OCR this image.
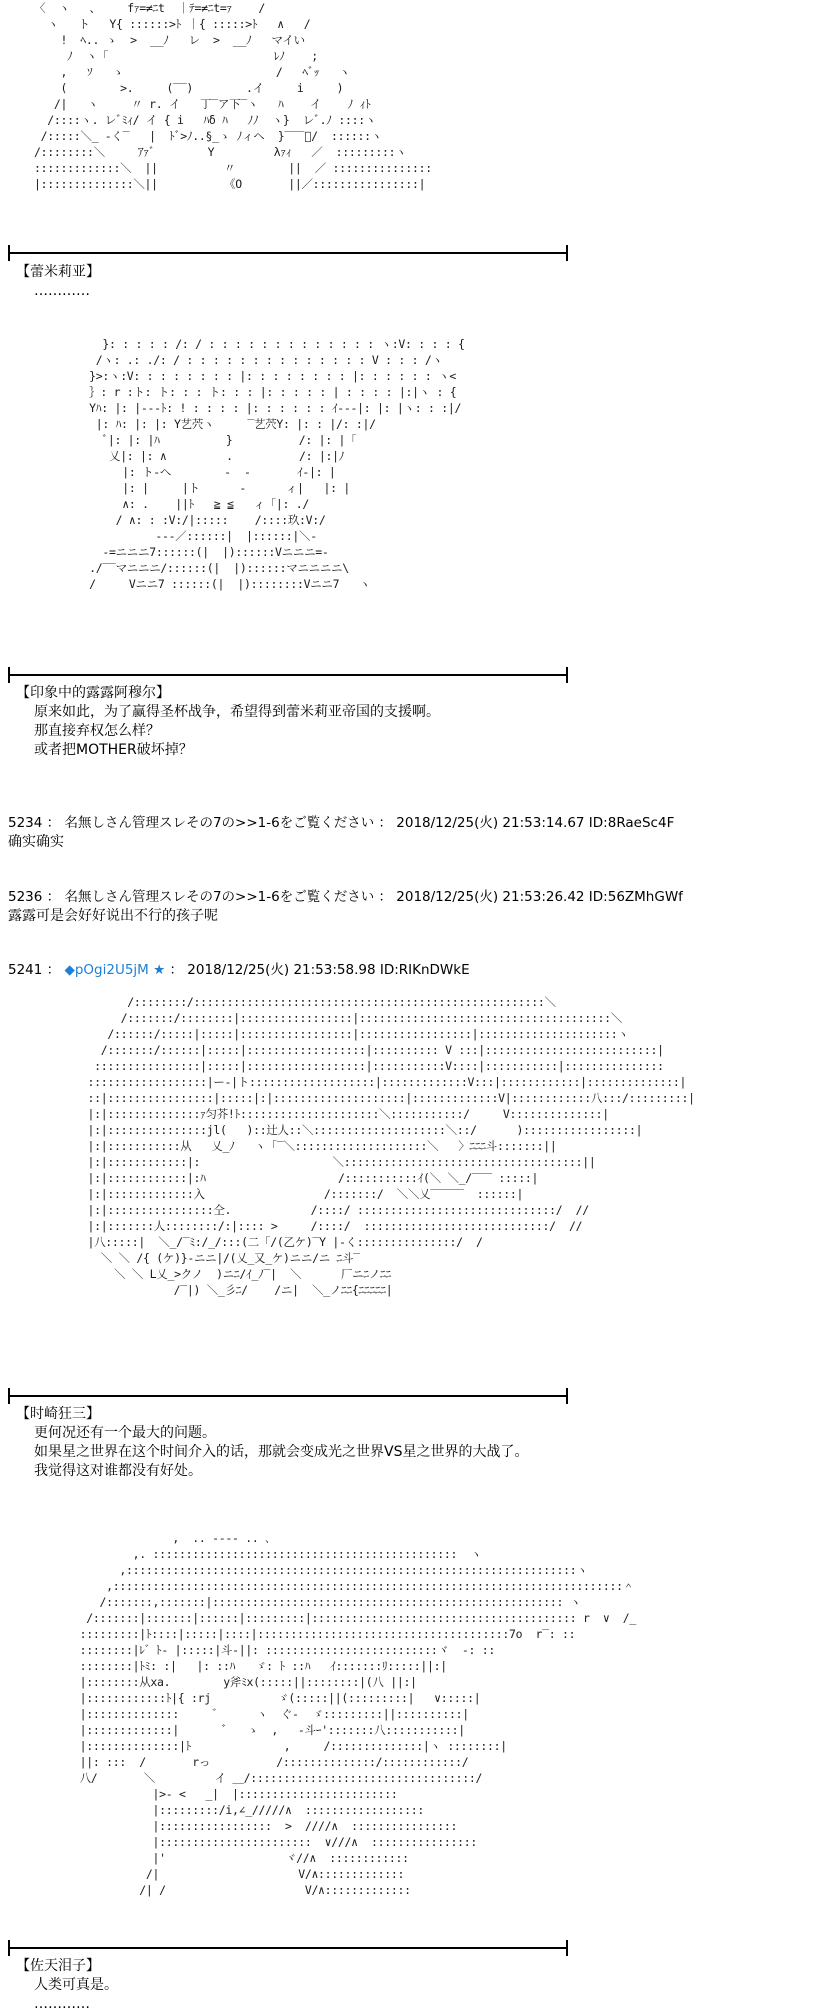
〈  ヽ   、    fｧ=≠ﾆt  ｜ﾃ=≠ﾆt=ｧ    /
ヽ   ト   Y{ ::::::>ﾄ ｜{ :::::>ﾄ   ∧   /
!  ﾍ.. ゝ  >  __ﾉ   レ  >  __ﾉ   マイい
ﾉ  ヽ「                         ﾚﾉ    ;
,   ｿ   ゝ                       /   ﾍﾞｯ   ヽ
(        >.     (‾‾)        .イ     i     )
/|   ヽ     〃 r. イ   丁‾ア下‾ヽ   ﾊ    イ    ﾉ ｨﾄ
/::::ヽ. レﾞﾐｨ/ イ { i   ﾊδ ﾊ   ﾉﾉ  ヽ}  レﾞ.ﾉ ::::ヽ
/:::::＼_ ‐く‾   |  ﾄﾞ>ﾉ..§_ゝ ﾉィヘ  }‾‾‾ﾞ/  ::::::ヽ
/::::::::＼     ｱｧﾞ        Y         λｧｨ   ／  :::::::::ヽ
:::::::::::::＼  ||          〃        ||  ／ :::::::::::::::
|::::::::::::::＼||          《O       ||／::::::::::::::::|
【蕾米莉亚】
…………
}: : : : : /: / : : : : : : : : : : : : : ヽ:V: : : : {
/ヽ: .: ./: / : : : : : : : : : : : : : : V : : : /ヽ
}>:ヽ:V: : : : : : : : |: : : : : : : : |: : : : : : ヽ<
｝: r :ト: ト: : : ト: : : |: : : : : | : : : : |:|ヽ : {
Yﾊ: |: |‐‐‐ﾄ: ! : : : : |: : : : : : ｲ‐‐‐|: |: |ヽ: : :|/
|: ﾊ: |: |: Y艺茓ヽ     ‾艺茓Y: |: : |/: :|/
ﾞ|: |: |ﾊ          }          /: |: |「
乂|: |: ∧         .          /: |:|ﾉ
|: ト‐へ        -  -       ｲ‐|: |
|: |     |ト      -      ィ|   |: |
∧: .    ||ﾄ   ≧ ≦   ィ「|: ./
/ ∧: : :V:/|:::::    /::::玖:V:/
‐‐‐／::::::|  |::::::|＼‐
-=ニニニ7::::::(|  |)::::::Vニニニ=-
./‾‾マニニニ/::::::(|  |)::::::マニニニニ\
/     Vニニ7 ::::::(|  |)::::::::Vニニ7   ヽ
【印象中的露露阿穆尔】
原来如此，为了赢得圣杯战争，希望得到蕾米莉亚帝国的支援啊。
那直接弃权怎么样？
或者把MOTHER破坏掉？
5234 ： 名無しさん管理スレその7の>>1-6をご覧ください ： 2018/12/25(火) 21:53:14.67 ID:8RaeSc4F
确实确实
5236 ： 名無しさん管理スレその7の>>1-6をご覧ください ： 2018/12/25(火) 21:53:26.42 ID:56ZMhGWf
露露可是会好好说出不行的孩子呢
5241 ： ◆pOgi2U5jM ★ ： 2018/12/25(火) 21:53:58.98 ID:RIKnDWkE
/::::::::/:::::::::::::::::::::::::::::::::::::::::::::::::::::＼
/:::::::/::::::::|:::::::::::::::::|::::::::::::::::::::::::::::::::::::::＼
/::::::/:::::|:::::|:::::::::::::::::|:::::::::::::::::|:::::::::::::::::::::ヽ
/:::::::/::::::|:::::|::::::::::::::::::|:::::::::: V :::|::::::::::::::::::::::::::|
::::::::::::::::|:::::|::::::::::::::::::|:::::::::::V::::|:::::::::::|:::::::::::::::
::::::::::::::::::|ー‐|ト:::::::::::::::::::|:::::::::::::V:::|::::::::::::|::::::::::::::|
::|::::::::::::::::|:::::|:|::::::::::::::::::::|:::::::::::::V|::::::::::::八:::/:::::::::|
|:|::::::::::::::ｧ匀芥!ﾄ:::::::::::::::::::::＼:::::::::::/     V::::::::::::::|
|:|:::::::::::::::jl(   )::辻人::＼::::::::::::::::::::＼::/      ):::::::::::::::::|
|:|:::::::::::从   乂_ﾉ   ヽ「‾＼::::::::::::::::::::＼   〉ﾆﾆﾆ斗:::::::||
|:|::::::::::::|:                    ＼::::::::::::::::::::::::::::::::::::||
|:|::::::::::::|:ﾊ                    /:::::::::::ｲ(＼ ＼_/‾‾‾ :::::|
|:|:::::::::::::入                  /:::::::/  ＼＼乂‾‾‾‾‾  ::::::|
|:|::::::::::::::::仝.            /::::/ ::::::::::::::::::::::::::::::/  //
|:|:::::::人::::::::/:|:::: >     /::::/  ::::::::::::::::::::::::::::/  //
|八:::::|  ＼_/‾ﾐ:/_/:::(二「/(乙ケ)‾Y |‐く:::::::::::::::/  /
＼ ＼ /{ (ケ)}‐ニニ|/(乂_又_ケ)ニニ/ニ ﾆ斗‾
＼ ＼ L乂_>クノ  )ニﾆ/ｲ_ﾉ‾|  ＼      厂ニﾆノﾆﾆ
/‾|) ＼_彡ﾆ/    /ニ|  ＼_ノﾆﾆ{ﾆﾆﾆﾆﾆ|
【时崎狂三】
更何况还有一个最大的问题。
如果星之世界在这个时间介入的话，那就会变成光之世界VS星之世界的大战了。
我觉得这对谁都没有好处。
,  .. ‐‐‐‐ .. ､
,. ::::::::::::::::::::::::::::::::::::::::::::::  ヽ
,::::::::::::::::::::::::::::::::::::::::::::::::::::::::::::::::::::ヽ
,:::::::::::::::::::::::::::::::::::::::::::::::::::::::::::::::::::::::::::::＾
/:::::::,:::::::|::::::::::::::::::::::::::::::::::::::::::::::::::::: ヽ
/:::::::|:::::::|::::::|:::::::::|:::::::::::::::::::::::::::::::::::::::: r  ∨  /_
:::::::::|ﾄ::::|:::::|::::|::::::::::::::::::::::::::::::::::::::7o  r‾: ::
::::::::|ﾚ゛ﾄ‐ |:::::|斗‐||: ::::::::::::::::::::::::::ヾ  ‐: ::
::::::::|ﾄﾐ: :|   |: ::ﾊ   ゞ: ﾄ ::ﾊ   ｲ:::::::ﾘ:::::||:|
|::::::::从xa.        y斧ﾐx(:::::||::::::::|(八 ||:|
|::::::::::::ﾄ|{ :rj          ゞ(:::::||(:::::::::|   ∨:::::|
|::::::::::::::     ゛     ヽ  ぐ‐  ゞ:::::::::||::::::::::|
|:::::::::::::|       ﾞ   ゝ  ,   ‐斗ｰ':::::::八:::::::::::|
|::::::::::::::|ﾄ              ,     /::::::::::::::|ヽ ::::::::|
||: :::  /       rっ          /::::::::::::::/::::::::::::/
八/       ＼         イ ＿/::::::::::::::::::::::::::::::::::/
|>‐ <   _|  |::::::::::::::::::::::::
|:::::::::/i,∠_/////∧  ::::::::::::::::::
|:::::::::::::::::  >  ////∧  ::::::::::::::::
|:::::::::::::::::::::::  ∨///∧  ::::::::::::::::
|'                  ヾ//∧  ::::::::::::
/|                     V/∧:::::::::::::
/| /                     V/∧:::::::::::::
【佐天泪子】
人类可真是。
…………
